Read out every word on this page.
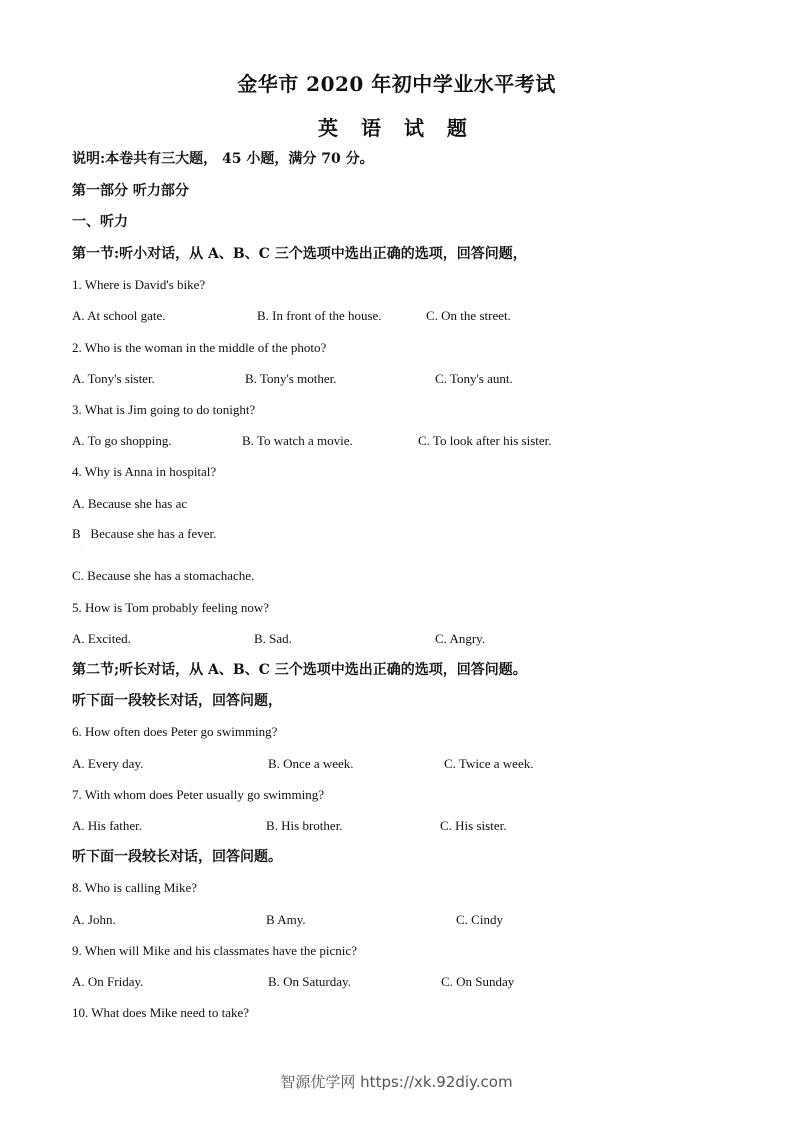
金华市 2020 年初中学业水平考试
英 语 试 题
说明:本卷共有三大题， 45 小题，满分 70 分。
第一部分 听力部分
一、听力
第一节:听小对话，从 A、B、C 三个选项中选出正确的选项，回答问题，
1. Where is David's bike?
A. At school gate.	B. In front of the house.	C. On the street.
2. Who is the woman in the middle of the photo?
A. Tony's sister.	B. Tony's mother.	C. Tony's aunt.
3. What is Jim going to do tonight?
A. To go shopping.	B. To watch a movie.	C. To look after his sister.
4. Why is Anna in hospital?
A. Because she has ac
B   Because she has a fever.
·
C. Because she has a stomachache.
5. How is Tom probably feeling now?
A. Excited.	B. Sad.	C. Angry.
第二节;听长对话，从 A、B、C 三个选项中选出正确的选项，回答问题。
听下面一段较长对话，回答问题，
6. How often does Peter go swimming?
A. Every day.	B. Once a week.	C. Twice a week.
7. With whom does Peter usually go swimming?
A. His father.	B. His brother.	C. His sister.
听下面一段较长对话，回答问题。
8. Who is calling Mike?
A. John.	B Amy.	C. Cindy
9. When will Mike and his classmates have the picnic?
A. On Friday.	B. On Saturday.	C. On Sunday
10. What does Mike need to take?
智源优学网 https://xk.92diy.com
